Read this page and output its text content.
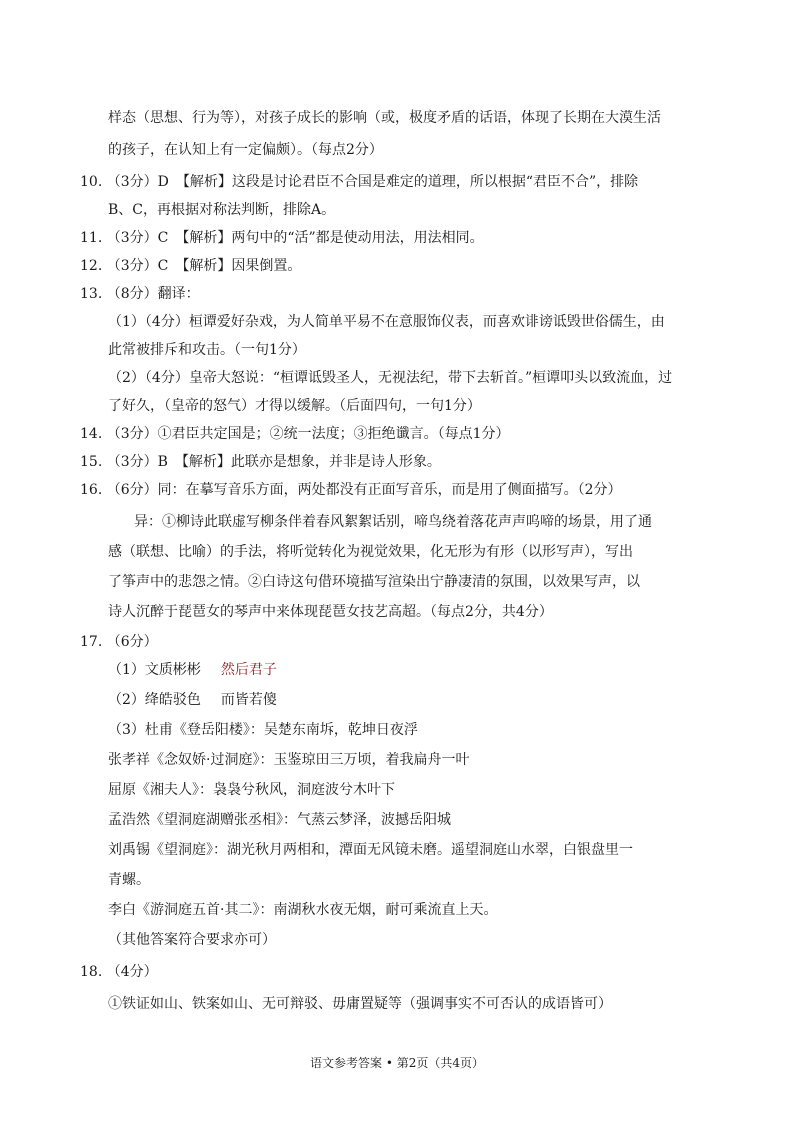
样态（思想、行为等），对孩子成长的影响（或，极度矛盾的话语，体现了长期在大漠生活
的孩子，在认知上有一定偏颇）。（每点2分）
10. （3分）D　【解析】这段是讨论君臣不合国是难定的道理，所以根据“君臣不合”，排除
B、C，再根据对称法判断，排除A。
11. （3分）C　【解析】两句中的“活”都是使动用法，用法相同。
12. （3分）C　【解析】因果倒置。
13. （8分）翻译：
（1）（4分）桓谭爱好杂戏，为人简单平易不在意服饰仪表，而喜欢诽谤诋毁世俗儒生，由
此常被排斥和攻击。（一句1分）
（2）（4分）皇帝大怒说：“桓谭诋毁圣人，无视法纪，带下去斩首。”桓谭叩头以致流血，过
了好久，（皇帝的怒气）才得以缓解。（后面四句，一句1分）
14. （3分）①君臣共定国是；②统一法度；③拒绝谶言。（每点1分）
15. （3分）B　【解析】此联亦是想象，并非是诗人形象。
16. （6分）同：在摹写音乐方面，两处都没有正面写音乐，而是用了侧面描写。（2分）
异：①柳诗此联虚写柳条伴着春风絮絮话别，啼鸟绕着落花声声呜啼的场景，用了通
感（联想、比喻）的手法，将听觉转化为视觉效果，化无形为有形（以形写声），写出
了筝声中的悲怨之情。②白诗这句借环境描写渲染出宁静凄清的氛围，以效果写声，以
诗人沉醉于琵琶女的琴声中来体现琵琶女技艺高超。（每点2分，共4分）
17. （6分）
（1）文质彬彬 然后君子
（2）绛皓驳色 而皆若傻
（3）杜甫《登岳阳楼》：吴楚东南坼，乾坤日夜浮
张孝祥《念奴娇·过洞庭》：玉鉴琼田三万顷，着我扁舟一叶
屈原《湘夫人》：袅袅兮秋风，洞庭波兮木叶下
孟浩然《望洞庭湖赠张丞相》：气蒸云梦泽，波撼岳阳城
刘禹锡《望洞庭》：湖光秋月两相和，潭面无风镜未磨。遥望洞庭山水翠，白银盘里一
青螺。
李白《游洞庭五首·其二》：南湖秋水夜无烟，耐可乘流直上天。
（其他答案符合要求亦可）
18. （4分）
①铁证如山、铁案如山、无可辩驳、毋庸置疑等（强调事实不可否认的成语皆可）
语文参考答案 • 第2页（共4页）
